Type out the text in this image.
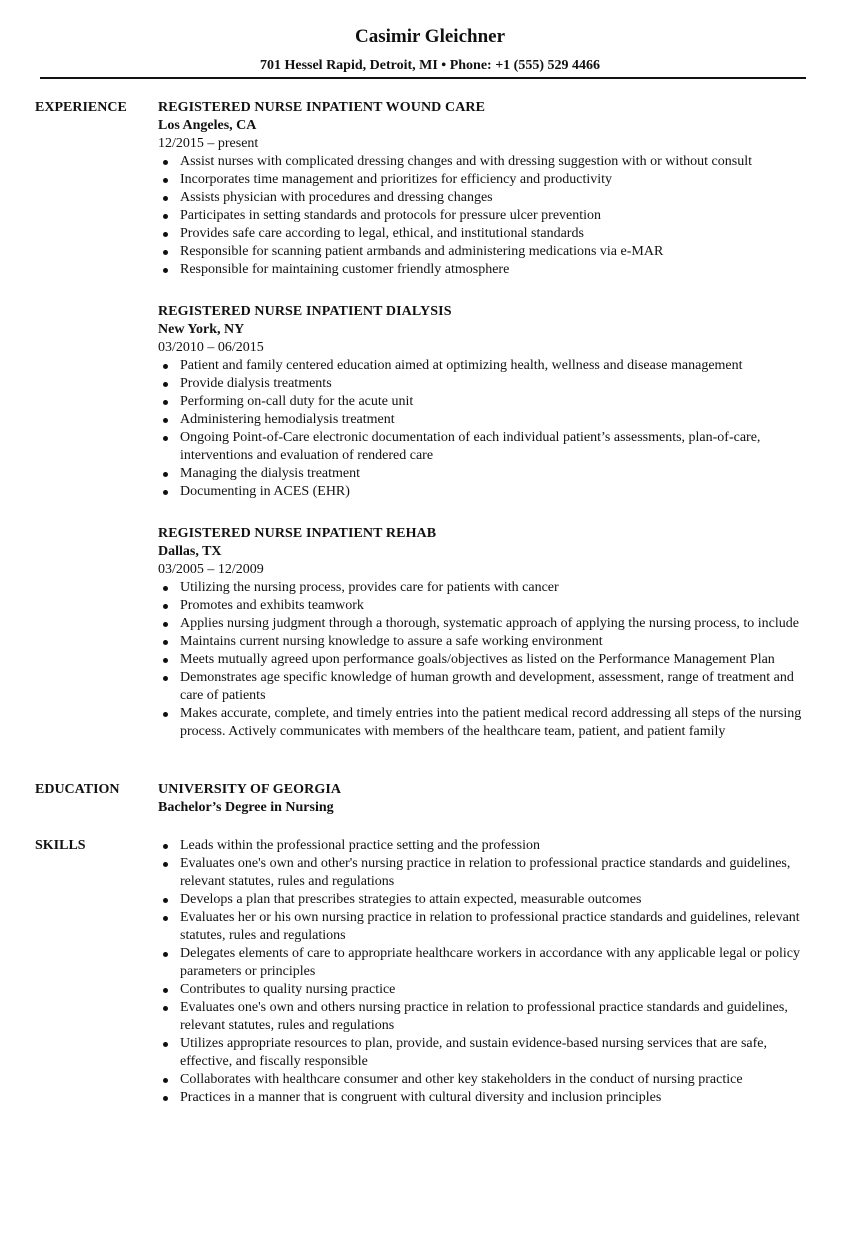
Casimir Gleichner
701 Hessel Rapid, Detroit, MI • Phone: +1 (555) 529 4466
EXPERIENCE REGISTERED NURSE INPATIENT WOUND CARE
Los Angeles, CA
12/2015 – present
Assist nurses with complicated dressing changes and with dressing suggestion with or without consult
Incorporates time management and prioritizes for efficiency and productivity
Assists physician with procedures and dressing changes
Participates in setting standards and protocols for pressure ulcer prevention
Provides safe care according to legal, ethical, and institutional standards
Responsible for scanning patient armbands and administering medications via e-MAR
Responsible for maintaining customer friendly atmosphere
REGISTERED NURSE INPATIENT DIALYSIS
New York, NY
03/2010 – 06/2015
Patient and family centered education aimed at optimizing health, wellness and disease management
Provide dialysis treatments
Performing on-call duty for the acute unit
Administering hemodialysis treatment
Ongoing Point-of-Care electronic documentation of each individual patient’s assessments, plan-of-care, interventions and evaluation of rendered care
Managing the dialysis treatment
Documenting in ACES (EHR)
REGISTERED NURSE INPATIENT REHAB
Dallas, TX
03/2005 – 12/2009
Utilizing the nursing process, provides care for patients with cancer
Promotes and exhibits teamwork
Applies nursing judgment through a thorough, systematic approach of applying the nursing process, to include
Maintains current nursing knowledge to assure a safe working environment
Meets mutually agreed upon performance goals/objectives as listed on the Performance Management Plan
Demonstrates age specific knowledge of human growth and development, assessment, range of treatment and care of patients
Makes accurate, complete, and timely entries into the patient medical record addressing all steps of the nursing process. Actively communicates with members of the healthcare team, patient, and patient family
EDUCATION	UNIVERSITY OF GEORGIA
Bachelor’s Degree in Nursing
SKILLS	Leads within the professional practice setting and the profession
Evaluates one's own and other's nursing practice in relation to professional practice standards and guidelines, relevant statutes, rules and regulations
Develops a plan that prescribes strategies to attain expected, measurable outcomes
Evaluates her or his own nursing practice in relation to professional practice standards and guidelines, relevant statutes, rules and regulations
Delegates elements of care to appropriate healthcare workers in accordance with any applicable legal or policy parameters or principles
Contributes to quality nursing practice
Evaluates one's own and others nursing practice in relation to professional practice standards and guidelines, relevant statutes, rules and regulations
Utilizes appropriate resources to plan, provide, and sustain evidence-based nursing services that are safe, effective, and fiscally responsible
Collaborates with healthcare consumer and other key stakeholders in the conduct of nursing practice
Practices in a manner that is congruent with cultural diversity and inclusion principles
